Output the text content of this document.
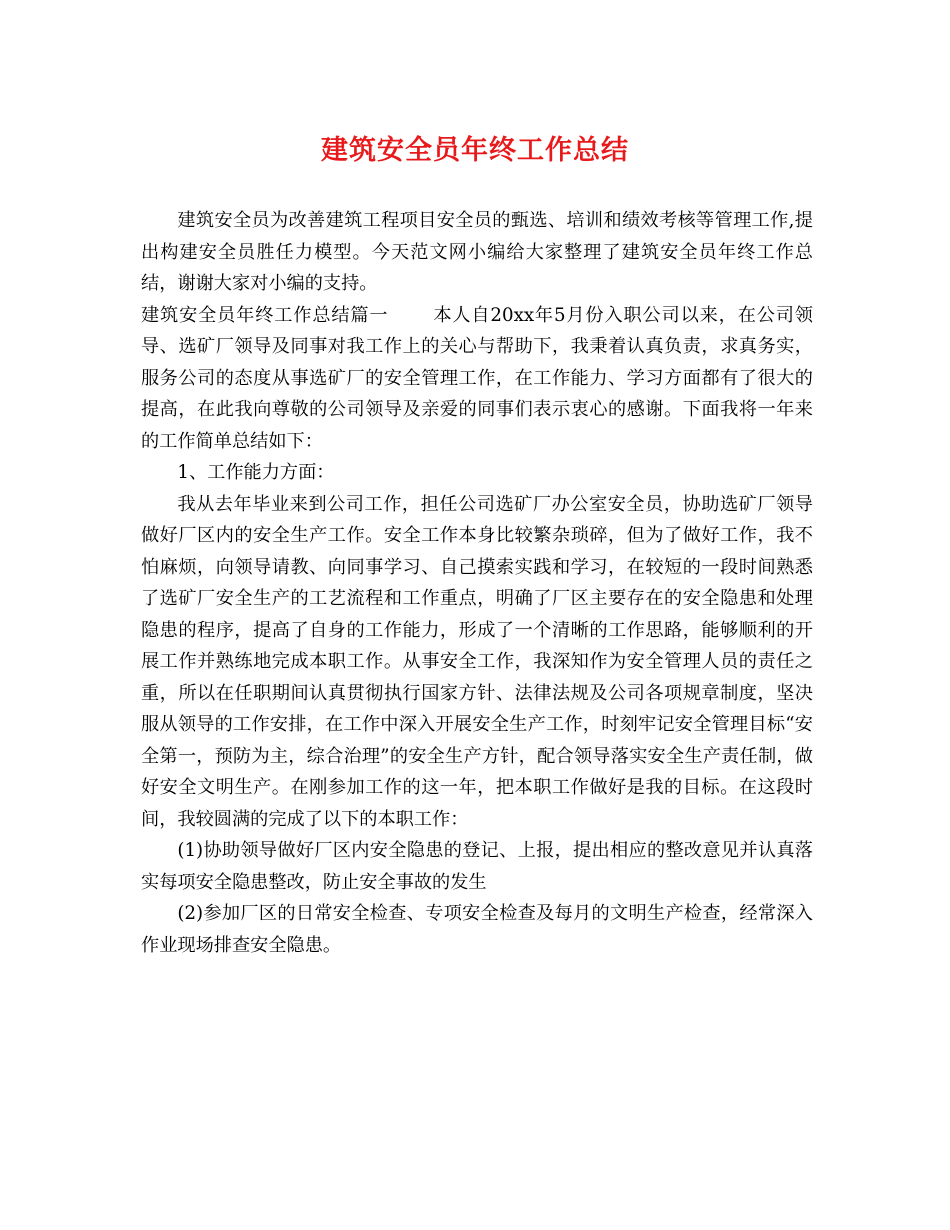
建筑安全员年终工作总结

建筑安全员为改善建筑工程项目安全员的甄选、培训和绩效考核等管理工作,提出构建安全员胜任力模型。今天范文网小编给大家整理了建筑安全员年终工作总结，谢谢大家对小编的支持。

建筑安全员年终工作总结篇一 本人自20xx年5月份入职公司以来，在公司领导、选矿厂领导及同事对我工作上的关心与帮助下，我秉着认真负责，求真务实，服务公司的态度从事选矿厂的安全管理工作，在工作能力、学习方面都有了很大的提高，在此我向尊敬的公司领导及亲爱的同事们表示衷心的感谢。下面我将一年来的工作简单总结如下：

1、工作能力方面：

我从去年毕业来到公司工作，担任公司选矿厂办公室安全员，协助选矿厂领导做好厂区内的安全生产工作。安全工作本身比较繁杂琐碎，但为了做好工作，我不怕麻烦，向领导请教、向同事学习、自己摸索实践和学习，在较短的一段时间熟悉了选矿厂安全生产的工艺流程和工作重点，明确了厂区主要存在的安全隐患和处理隐患的程序，提高了自身的工作能力，形成了一个清晰的工作思路，能够顺利的开展工作并熟练地完成本职工作。从事安全工作，我深知作为安全管理人员的责任之重，所以在任职期间认真贯彻执行国家方针、法律法规及公司各项规章制度，坚决服从领导的工作安排，在工作中深入开展安全生产工作，时刻牢记安全管理目标“安全第一，预防为主，综合治理”的安全生产方针，配合领导落实安全生产责任制，做好安全文明生产。在刚参加工作的这一年，把本职工作做好是我的目标。在这段时间，我较圆满的完成了以下的本职工作：

(1)协助领导做好厂区内安全隐患的登记、上报，提出相应的整改意见并认真落实每项安全隐患整改，防止安全事故的发生

(2)参加厂区的日常安全检查、专项安全检查及每月的文明生产检查，经常深入作业现场排查安全隐患。
